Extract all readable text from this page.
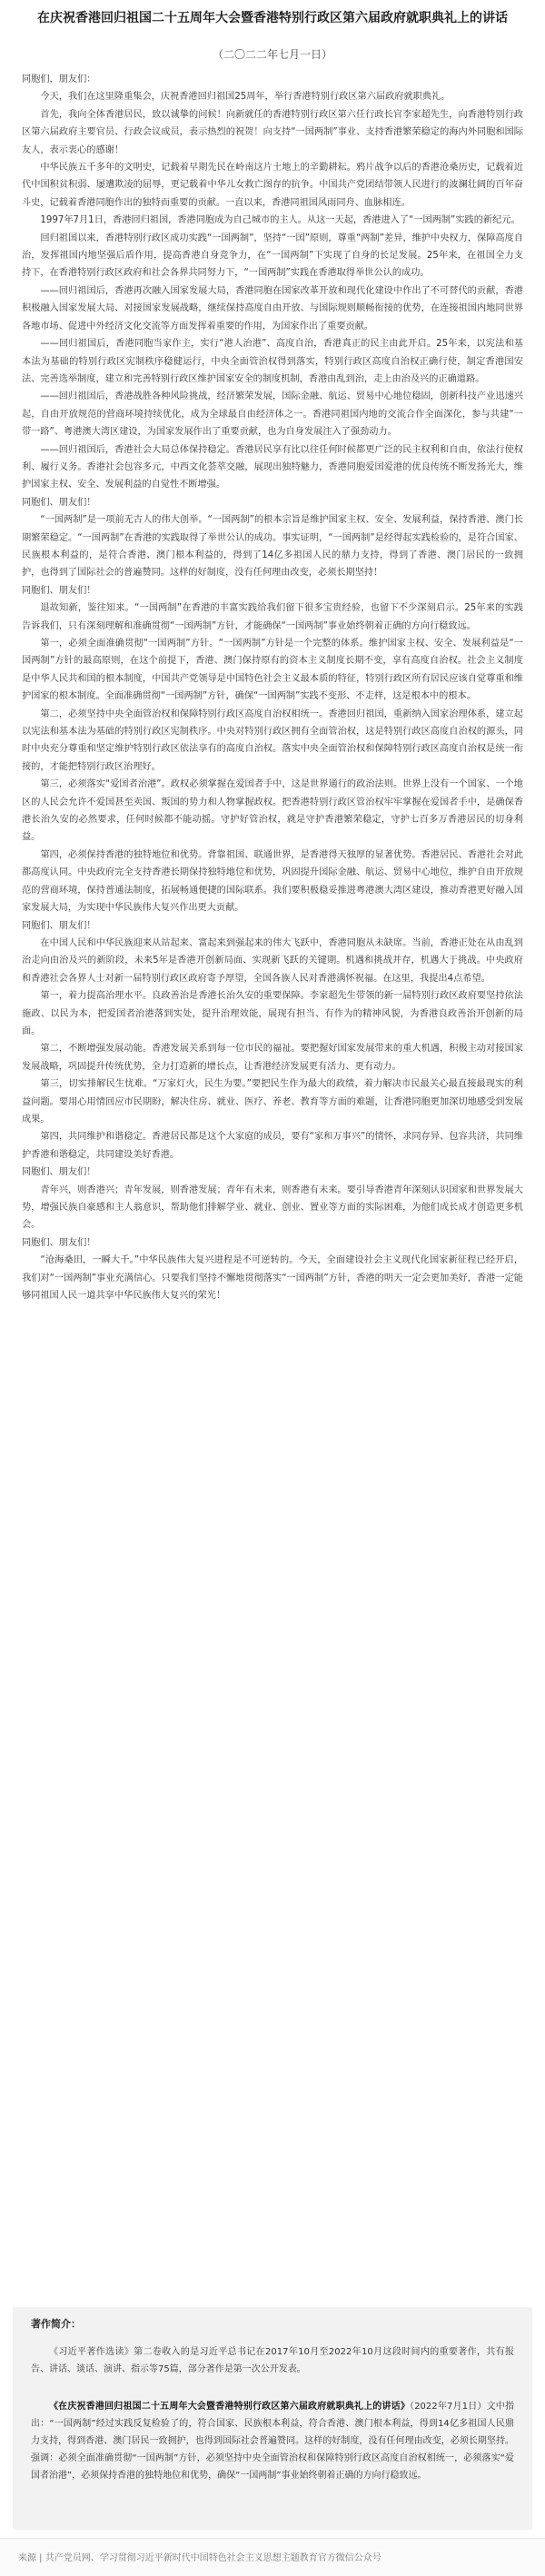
在庆祝香港回归祖国二十五周年大会暨香港特别行政区第六届政府就职典礼上的讲话
（二〇二二年七月一日）

同胞们，朋友们：

今天，我们在这里隆重集会，庆祝香港回归祖国25周年，举行香港特别行政区第六届政府就职典礼。

首先，我向全体香港居民，致以诚挚的问候！向新就任的香港特别行政区第六任行政长官李家超先生，向香港特别行政区第六届政府主要官员、行政会议成员，表示热烈的祝贺！向支持“一国两制”事业、支持香港繁荣稳定的海内外同胞和国际友人，表示衷心的感谢！

中华民族五千多年的文明史，记载着早期先民在岭南这片土地上的辛勤耕耘。鸦片战争以后的香港沧桑历史，记载着近代中国积贫积弱、屡遭欺凌的屈辱，更记载着中华儿女救亡图存的抗争。中国共产党团结带领人民进行的波澜壮阔的百年奋斗史，记载着香港同胞作出的独特而重要的贡献。一直以来，香港同祖国风雨同舟、血脉相连。

1997年7月1日，香港回归祖国，香港同胞成为自己城市的主人。从这一天起，香港进入了“一国两制”实践的新纪元。

回归祖国以来，香港特别行政区成功实践“一国两制”，坚持“一国”原则，尊重“两制”差异，维护中央权力，保障高度自治，发挥祖国内地坚强后盾作用，提高香港自身竞争力，在“一国两制”下实现了自身的长足发展。25年来，在祖国全力支持下，在香港特别行政区政府和社会各界共同努力下，“一国两制”实践在香港取得举世公认的成功。

——回归祖国后，香港再次融入国家发展大局，香港同胞在国家改革开放和现代化建设中作出了不可替代的贡献，香港积极融入国家发展大局、对接国家发展战略，继续保持高度自由开放、与国际规则顺畅衔接的优势，在连接祖国内地同世界各地市场、促进中外经济文化交流等方面发挥着重要的作用，为国家作出了重要贡献。

——回归祖国后，香港同胞当家作主，实行“港人治港”、高度自治，香港真正的民主由此开启。25年来，以宪法和基本法为基础的特别行政区宪制秩序稳健运行，中央全面管治权得到落实，特别行政区高度自治权正确行使，制定香港国安法、完善选举制度，建立和完善特别行政区维护国家安全的制度机制，香港由乱到治，走上由治及兴的正确道路。

——回归祖国后，香港战胜各种风险挑战，经济繁荣发展，国际金融、航运、贸易中心地位稳固，创新科技产业迅速兴起，自由开放规范的营商环境持续优化，成为全球最自由经济体之一。香港同祖国内地的交流合作全面深化，参与共建“一带一路”、粤港澳大湾区建设，为国家发展作出了重要贡献，也为自身发展注入了强劲动力。

——回归祖国后，香港社会大局总体保持稳定。香港居民享有比以往任何时候都更广泛的民主权利和自由，依法行使权利、履行义务。香港社会包容多元，中西文化荟萃交融，展现出独特魅力，香港同胞爱国爱港的优良传统不断发扬光大，维护国家主权、安全、发展利益的自觉性不断增强。

同胞们、朋友们！

“一国两制”是一项前无古人的伟大创举。“一国两制”的根本宗旨是维护国家主权、安全、发展利益，保持香港、澳门长期繁荣稳定。“一国两制”在香港的实践取得了举世公认的成功。事实证明，“一国两制”是经得起实践检验的，是符合国家、民族根本利益的，是符合香港、澳门根本利益的，得到了14亿多祖国人民的鼎力支持，得到了香港、澳门居民的一致拥护，也得到了国际社会的普遍赞同。这样的好制度，没有任何理由改变，必须长期坚持！

同胞们、朋友们！

退故知新，鉴往知来。“一国两制”在香港的丰富实践给我们留下很多宝贵经验，也留下不少深刻启示。25年来的实践告诉我们，只有深刻理解和准确贯彻“一国两制”方针，才能确保“一国两制”事业始终朝着正确的方向行稳致远。

第一，必须全面准确贯彻“一国两制”方针。“一国两制”方针是一个完整的体系。维护国家主权、安全、发展利益是“一国两制”方针的最高原则，在这个前提下，香港、澳门保持原有的资本主义制度长期不变，享有高度自治权。社会主义制度是中华人民共和国的根本制度，中国共产党领导是中国特色社会主义最本质的特征，特别行政区所有居民应该自觉尊重和维护国家的根本制度。全面准确贯彻“一国两制”方针，确保“一国两制”实践不变形、不走样，这是根本中的根本。

第二，必须坚持中央全面管治权和保障特别行政区高度自治权相统一。香港回归祖国，重新纳入国家治理体系，建立起以宪法和基本法为基础的特别行政区宪制秩序。中央对特别行政区拥有全面管治权，这是特别行政区高度自治权的源头，同时中央充分尊重和坚定维护特别行政区依法享有的高度自治权。落实中央全面管治权和保障特别行政区高度自治权是统一衔接的，才能把特别行政区治理好。

第三，必须落实“爱国者治港”。政权必须掌握在爱国者手中，这是世界通行的政治法则。世界上没有一个国家、一个地区的人民会允许不爱国甚至卖国、叛国的势力和人物掌握政权。把香港特别行政区管治权牢牢掌握在爱国者手中，是确保香港长治久安的必然要求，任何时候都不能动摇。守护好管治权，就是守护香港繁荣稳定，守护七百多万香港居民的切身利益。

第四，必须保持香港的独特地位和优势。背靠祖国、联通世界，是香港得天独厚的显著优势。香港居民、香港社会对此都高度认同。中央政府完全支持香港长期保持独特地位和优势，巩固提升国际金融、航运、贸易中心地位，维护自由开放规范的营商环境，保持普通法制度，拓展畅通便捷的国际联系。我们要积极稳妥推进粤港澳大湾区建设，推动香港更好融入国家发展大局，为实现中华民族伟大复兴作出更大贡献。

同胞们、朋友们！

在中国人民和中华民族迎来从站起来、富起来到强起来的伟大飞跃中，香港同胞从未缺席。当前，香港正处在从由乱到治走向由治及兴的新阶段，未来5年是香港开创新局面、实现新飞跃的关键期。机遇和挑战并存，机遇大于挑战。中央政府和香港社会各界人士对新一届特别行政区政府寄予厚望，全国各族人民对香港满怀祝福。在这里，我提出4点希望。

第一，着力提高治理水平。良政善治是香港长治久安的重要保障。李家超先生带领的新一届特别行政区政府要坚持依法施政、以民为本，把爱国者治港落到实处，提升治理效能，展现有担当、有作为的精神风貌，为香港良政善治开创新的局面。

第二，不断增强发展动能。香港发展关系到每一位市民的福祉。要把握好国家发展带来的重大机遇，积极主动对接国家发展战略，巩固提升传统优势，全力打造新的增长点，让香港经济发展更有活力、更有动力。

第三，切实排解民生忧难。“万家灯火，民生为要。”要把民生作为最大的政绩，着力解决市民最关心最直接最现实的利益问题。要用心用情回应市民期盼，解决住房、就业、医疗、养老、教育等方面的难题，让香港同胞更加深切地感受到发展成果。

第四，共同维护和谐稳定。香港居民都是这个大家庭的成员，要有“家和万事兴”的情怀，求同存异、包容共济，共同维护香港和谐稳定，共同建设美好香港。

同胞们、朋友们！

青年兴，则香港兴；青年发展，则香港发展；青年有未来，则香港有未来。要引导香港青年深刻认识国家和世界发展大势，增强民族自豪感和主人翁意识，帮助他们排解学业、就业、创业、置业等方面的实际困难，为他们成长成才创造更多机会。

同胞们、朋友们！

“沧海桑田，一瞬大千。”中华民族伟大复兴进程是不可逆转的。今天，全面建设社会主义现代化国家新征程已经开启，我们对“一国两制”事业充满信心。只要我们坚持不懈地贯彻落实“一国两制”方针，香港的明天一定会更加美好，香港一定能够同祖国人民一道共享中华民族伟大复兴的荣光！

著作简介：

《习近平著作选读》第二卷收入的是习近平总书记在2017年10月至2022年10月这段时间内的重要著作，共有报告、讲话、谈话、演讲、指示等75篇，部分著作是第一次公开发表。

《在庆祝香港回归祖国二十五周年大会暨香港特别行政区第六届政府就职典礼上的讲话》（2022年7月1日）文中指出：“一国两制”经过实践反复检验了的，符合国家、民族根本利益，符合香港、澳门根本利益，得到14亿多祖国人民鼎力支持，得到香港、澳门居民一致拥护，也得到国际社会普遍赞同。这样的好制度，没有任何理由改变，必须长期坚持。强调：必须全面准确贯彻“一国两制”方针，必须坚持中央全面管治权和保障特别行政区高度自治权相统一，必须落实“爱国者治港”，必须保持香港的独特地位和优势，确保“一国两制”事业始终朝着正确的方向行稳致远。

来源 | 共产党员网、学习贯彻习近平新时代中国特色社会主义思想主题教育官方微信公众号
